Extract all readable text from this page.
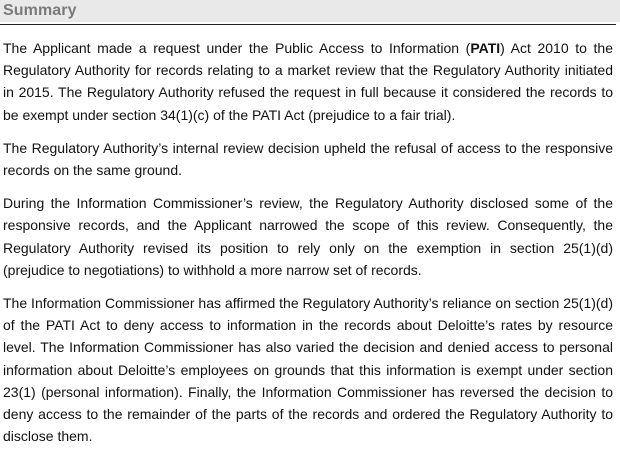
Summary

The Applicant made a request under the Public Access to Information (PATI) Act 2010 to the Regulatory Authority for records relating to a market review that the Regulatory Authority initiated in 2015. The Regulatory Authority refused the request in full because it considered the records to be exempt under section 34(1)(c) of the PATI Act (prejudice to a fair trial).

The Regulatory Authority’s internal review decision upheld the refusal of access to the responsive records on the same ground.

During the Information Commissioner’s review, the Regulatory Authority disclosed some of the responsive records, and the Applicant narrowed the scope of this review. Consequently, the Regulatory Authority revised its position to rely only on the exemption in section 25(1)(d) (prejudice to negotiations) to withhold a more narrow set of records.

The Information Commissioner has affirmed the Regulatory Authority’s reliance on section 25(1)(d) of the PATI Act to deny access to information in the records about Deloitte’s rates by resource level. The Information Commissioner has also varied the decision and denied access to personal information about Deloitte’s employees on grounds that this information is exempt under section 23(1) (personal information). Finally, the Information Commissioner has reversed the decision to deny access to the remainder of the parts of the records and ordered the Regulatory Authority to disclose them.
